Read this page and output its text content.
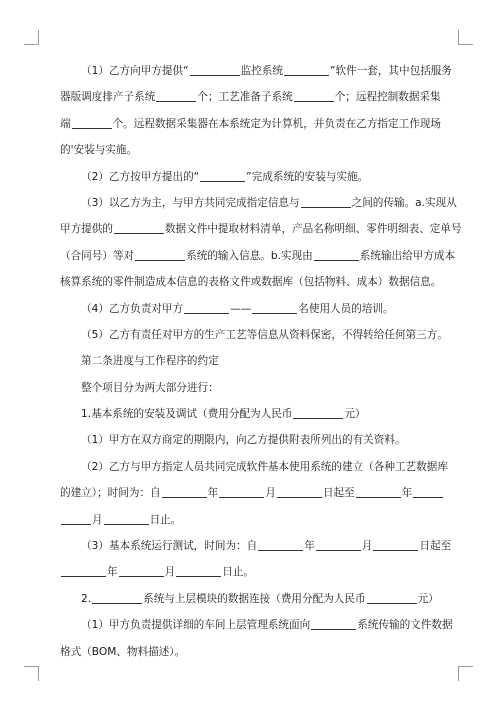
（1）乙方向甲方提供“	监控系统	”软件一套，其中包括服务
器版调度排产子系统	个；工艺准备子系统	个；远程控制数据采集
端	个。远程数据采集器在本系统定为计算机，并负责在乙方指定工作现场
的'安装与实施。
（2）乙方按甲方提出的“	”完成系统的安装与实施。
（3）以乙方为主，与甲方共同完成指定信息与	之间的传输。a.实现从
甲方提供的	数据文件中提取材料清单，产品名称明细、零件明细表、定单号
（合同号）等对	系统的输入信息。b.实现由	系统输出给甲方成本
核算系统的零件制造成本信息的表格文件或数据库（包括物料、成本）数据信息。
（4）乙方负责对甲方	——	名使用人员的培训。
（5）乙方有责任对甲方的生产工艺等信息从资料保密，不得转给任何第三方。
第二条进度与工作程序的约定
整个项目分为两大部分进行：
1.基本系统的安装及调试（费用分配为人民币	元）
（1）甲方在双方商定的期限内，向乙方提供附表所列出的有关资料。
（2）乙方与甲方指定人员共同完成软件基本使用系统的建立（各种工艺数据库
的建立）；时间为：自	年	月	日起至	年
月	日止。
（3）基本系统运行测试，时间为：自	年	月	日起至
年	月	日止。
2.	系统与上层模块的数据连接（费用分配为人民币	元）
（1）甲方负责提供详细的车间上层管理系统面向	系统传输的文件数据
格式（BOM、物料描述）。
